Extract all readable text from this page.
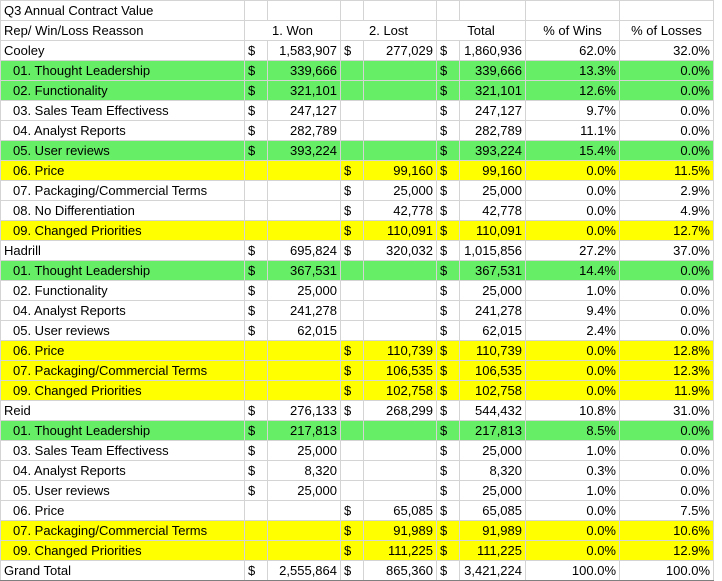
Q3 Annual Contract Value								
Rep/ Win/Loss Reasson	1. Won		2. Lost		Total		% of Wins	% of Losses
Cooley	$	1,583,907	$	277,029	$	1,860,936	62.0%	32.0%
01. Thought Leadership	$	339,666			$	339,666	13.3%	0.0%
02. Functionality	$	321,101			$	321,101	12.6%	0.0%
03. Sales Team Effectivess	$	247,127			$	247,127	9.7%	0.0%
04. Analyst Reports	$	282,789			$	282,789	11.1%	0.0%
05. User reviews	$	393,224			$	393,224	15.4%	0.0%
06. Price			$	99,160	$	99,160	0.0%	11.5%
07. Packaging/Commercial Terms			$	25,000	$	25,000	0.0%	2.9%
08. No Differentiation			$	42,778	$	42,778	0.0%	4.9%
09. Changed Priorities			$	110,091	$	110,091	0.0%	12.7%
Hadrill	$	695,824	$	320,032	$	1,015,856	27.2%	37.0%
01. Thought Leadership	$	367,531			$	367,531	14.4%	0.0%
02. Functionality	$	25,000			$	25,000	1.0%	0.0%
04. Analyst Reports	$	241,278			$	241,278	9.4%	0.0%
05. User reviews	$	62,015			$	62,015	2.4%	0.0%
06. Price			$	110,739	$	110,739	0.0%	12.8%
07. Packaging/Commercial Terms			$	106,535	$	106,535	0.0%	12.3%
09. Changed Priorities			$	102,758	$	102,758	0.0%	11.9%
Reid	$	276,133	$	268,299	$	544,432	10.8%	31.0%
01. Thought Leadership	$	217,813			$	217,813	8.5%	0.0%
03. Sales Team Effectivess	$	25,000			$	25,000	1.0%	0.0%
04. Analyst Reports	$	8,320			$	8,320	0.3%	0.0%
05. User reviews	$	25,000			$	25,000	1.0%	0.0%
06. Price			$	65,085	$	65,085	0.0%	7.5%
07. Packaging/Commercial Terms			$	91,989	$	91,989	0.0%	10.6%
09. Changed Priorities			$	111,225	$	111,225	0.0%	12.9%
Grand Total	$	2,555,864	$	865,360	$	3,421,224	100.0%	100.0%
